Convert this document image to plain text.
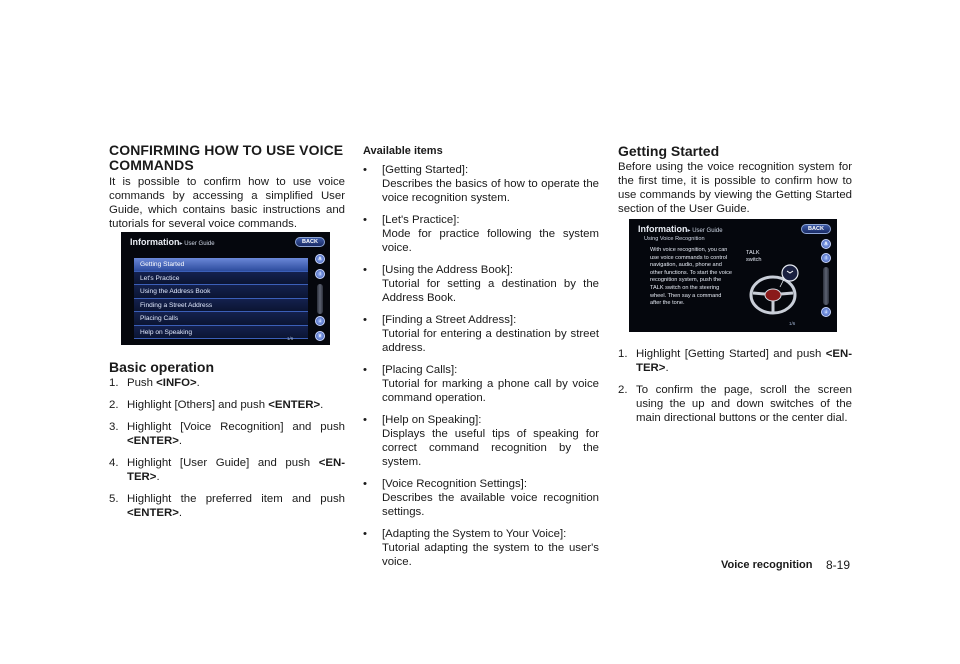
CONFIRMING HOW TO USE VOICE COMMANDS

It is possible to confirm how to use voice commands by accessing a simplified User Guide, which contains basic instructions and tutorials for several voice commands.

Information▸ User Guide	BACK
Getting Started
Let's Practice
Using the Address Book
Finding a Street Address
Placing Calls
Help on Speaking
∧
↑
↓
∨
1/6
Basic operation
1. Push <INFO>.
2. Highlight [Others] and push <ENTER>.
3. Highlight [Voice Recognition] and push <ENTER>.
4. Highlight [User Guide] and push <EN-TER>.
5. Highlight the preferred item and push <ENTER>.
Available items
• [Getting Started]:
Describes the basics of how to operate the voice recognition system.
• [Let's Practice]:
Mode for practice following the system voice.
• [Using the Address Book]:
Tutorial for setting a destination by the Address Book.
• [Finding a Street Address]:
Tutorial for entering a destination by street address.
• [Placing Calls]:
Tutorial for marking a phone call by voice command operation.
• [Help on Speaking]:
Displays the useful tips of speaking for correct command recognition by the system.
• [Voice Recognition Settings]:
Describes the available voice recognition settings.
• [Adapting the System to Your Voice]:
Tutorial adapting the system to the user's voice.
Getting Started

Before using the voice recognition system for the first time, it is possible to confirm how to use commands by viewing the Getting Started section of the User Guide.

Information▸ User Guide	BACK
Using Voice Recognition
With voice recognition, you can use voice commands to control navigation, audio, phone and other functions. To start the voice recognition system, push the TALK switch on the steering wheel. Then say a command after the tone.
TALK switch
∧
↑
↓
1/6
1. Highlight [Getting Started] and push <EN-TER>.
2. To confirm the page, scroll the screen using the up and down switches of the main directional buttons or the center dial.
Voice recognition 8-19
